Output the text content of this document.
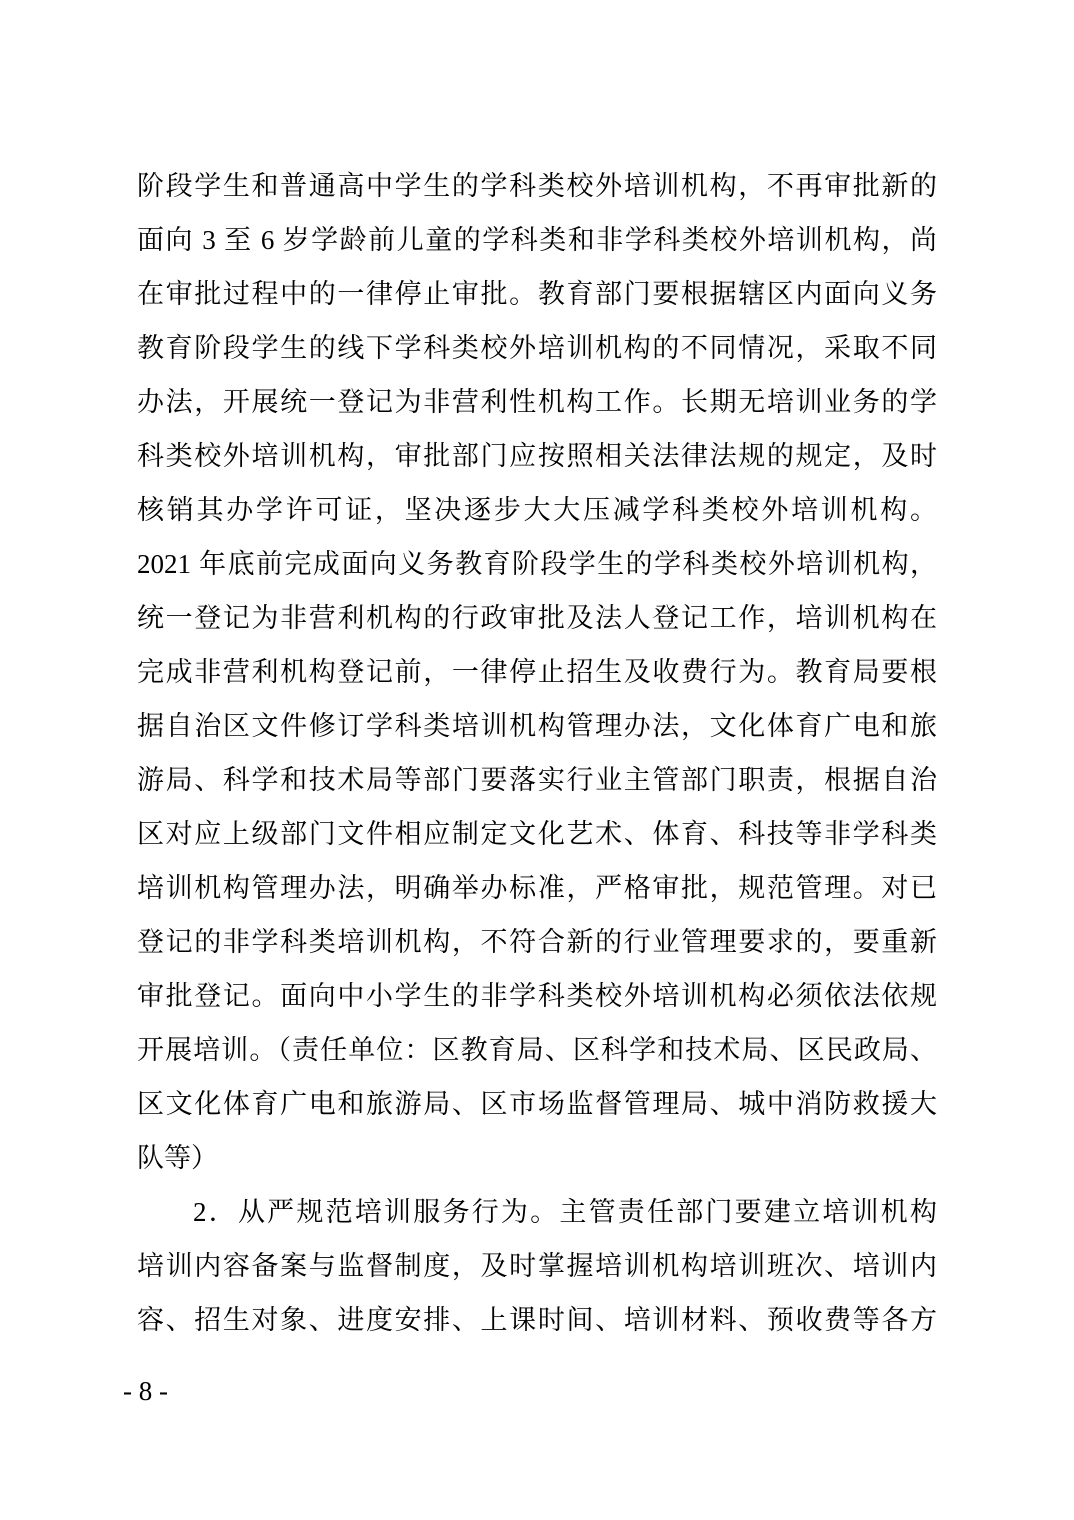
阶段学生和普通高中学生的学科类校外培训机构，不再审批新的
面向 3 至 6 岁学龄前儿童的学科类和非学科类校外培训机构，尚
在审批过程中的一律停止审批。教育部门要根据辖区内面向义务
教育阶段学生的线下学科类校外培训机构的不同情况，采取不同
办法，开展统一登记为非营利性机构工作。长期无培训业务的学
科类校外培训机构，审批部门应按照相关法律法规的规定，及时
核销其办学许可证，坚决逐步大大压减学科类校外培训机构。
2021 年底前完成面向义务教育阶段学生的学科类校外培训机构，
统一登记为非营利机构的行政审批及法人登记工作，培训机构在
完成非营利机构登记前，一律停止招生及收费行为。教育局要根
据自治区文件修订学科类培训机构管理办法，文化体育广电和旅
游局、科学和技术局等部门要落实行业主管部门职责，根据自治
区对应上级部门文件相应制定文化艺术、体育、科技等非学科类
培训机构管理办法，明确举办标准，严格审批，规范管理。对已
登记的非学科类培训机构，不符合新的行业管理要求的，要重新
审批登记。面向中小学生的非学科类校外培训机构必须依法依规
开展培训。（责任单位：区教育局、区科学和技术局、区民政局、
区文化体育广电和旅游局、区市场监督管理局、城中消防救援大
队等）
2．从严规范培训服务行为。主管责任部门要建立培训机构
培训内容备案与监督制度，及时掌握培训机构培训班次、培训内
容、招生对象、进度安排、上课时间、培训材料、预收费等各方
- 8 -
